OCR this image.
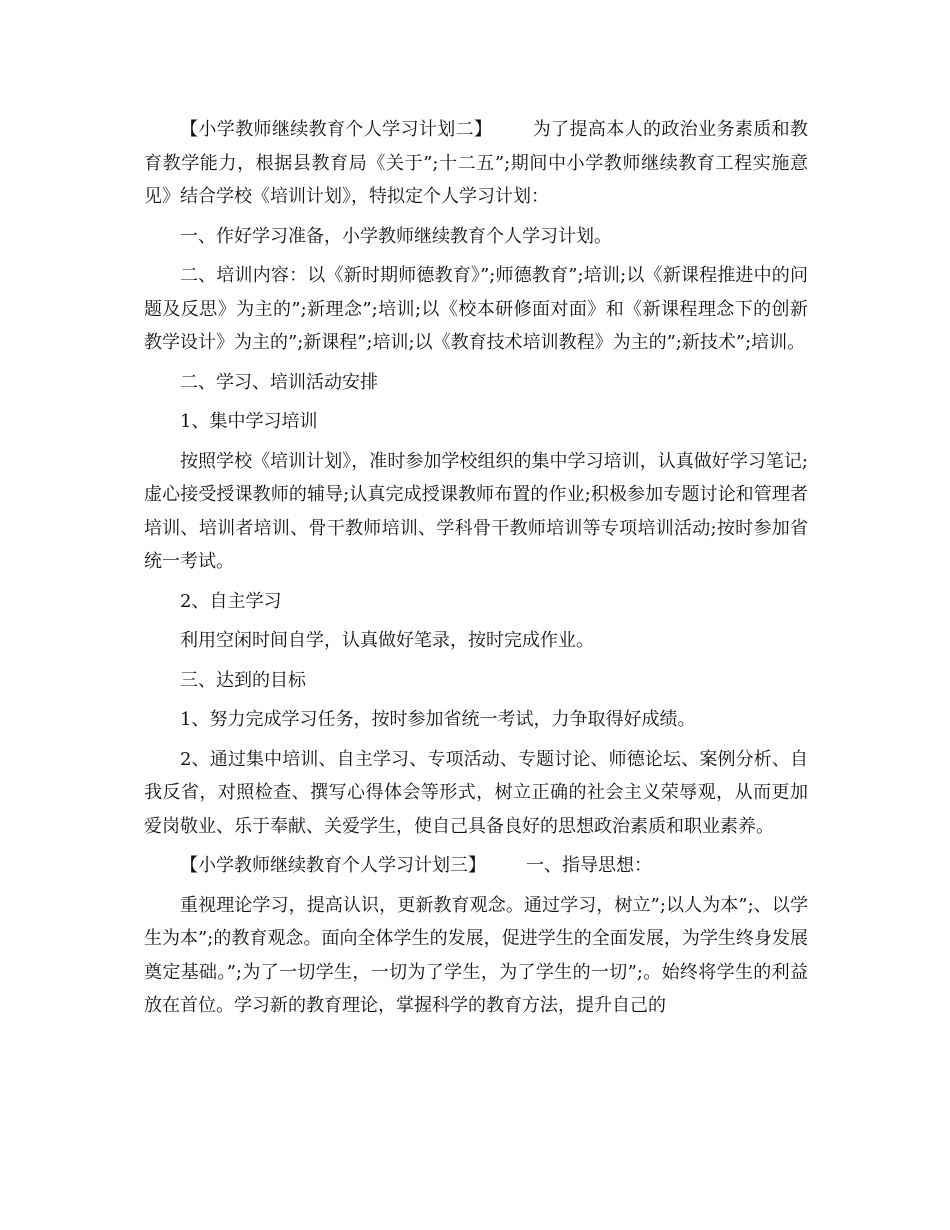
【小学教师继续教育个人学习计划二】 为了提高本人的政治业务素质和教育教学能力，根据县教育局《关于”;十二五”;期间中小学教师继续教育工程实施意见》结合学校《培训计划》，特拟定个人学习计划：

一、作好学习准备，小学教师继续教育个人学习计划。

二、培训内容：以《新时期师德教育》”;师德教育”;培训;以《新课程推进中的问题及反思》为主的”;新理念”;培训;以《校本研修面对面》和《新课程理念下的创新教学设计》为主的”;新课程”;培训;以《教育技术培训教程》为主的”;新技术”;培训。

二、学习、培训活动安排

1、集中学习培训

按照学校《培训计划》，准时参加学校组织的集中学习培训，认真做好学习笔记;虚心接受授课教师的辅导;认真完成授课教师布置的作业;积极参加专题讨论和管理者培训、培训者培训、骨干教师培训、学科骨干教师培训等专项培训活动;按时参加省统一考试。

2、自主学习

利用空闲时间自学，认真做好笔录，按时完成作业。

三、达到的目标

1、努力完成学习任务，按时参加省统一考试，力争取得好成绩。

2、通过集中培训、自主学习、专项活动、专题讨论、师德论坛、案例分析、自我反省，对照检查、撰写心得体会等形式，树立正确的社会主义荣辱观，从而更加爱岗敬业、乐于奉献、关爱学生，使自己具备良好的思想政治素质和职业素养。

【小学教师继续教育个人学习计划三】 一、指导思想：

重视理论学习，提高认识，更新教育观念。通过学习，树立”;以人为本”;、以学生为本”;的教育观念。面向全体学生的发展，促进学生的全面发展，为学生终身发展奠定基础。”;为了一切学生，一切为了学生，为了学生的一切”;。始终将学生的利益放在首位。学习新的教育理论，掌握科学的教育方法，提升自己的
